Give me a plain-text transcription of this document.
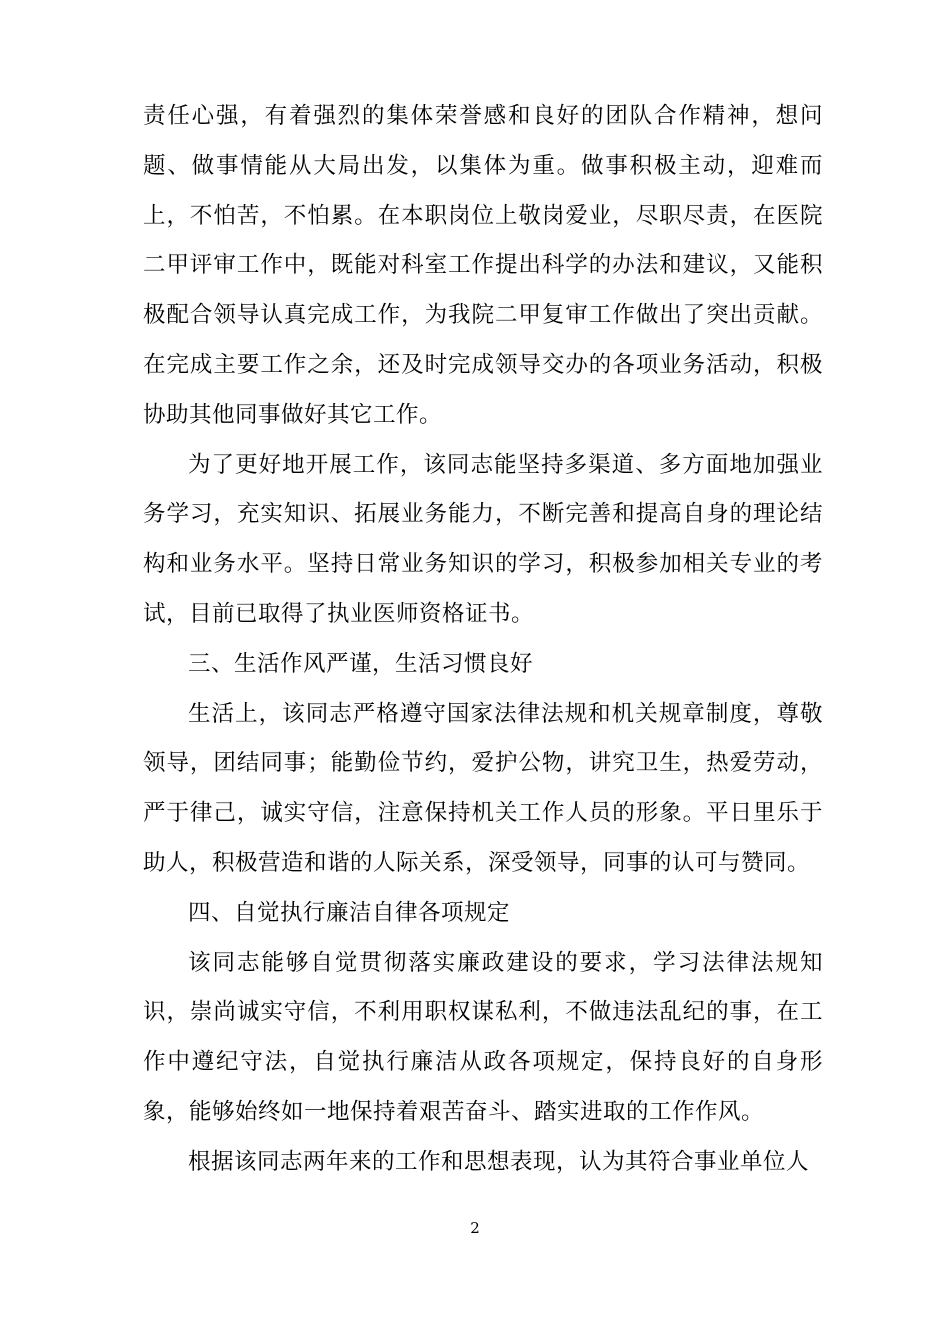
责任心强，有着强烈的集体荣誉感和良好的团队合作精神，想问题、做事情能从大局出发，以集体为重。做事积极主动，迎难而上，不怕苦，不怕累。在本职岗位上敬岗爱业，尽职尽责，在医院二甲评审工作中，既能对科室工作提出科学的办法和建议，又能积极配合领导认真完成工作，为我院二甲复审工作做出了突出贡献。在完成主要工作之余，还及时完成领导交办的各项业务活动，积极协助其他同事做好其它工作。

为了更好地开展工作，该同志能坚持多渠道、多方面地加强业务学习，充实知识、拓展业务能力，不断完善和提高自身的理论结构和业务水平。坚持日常业务知识的学习，积极参加相关专业的考试，目前已取得了执业医师资格证书。

三、生活作风严谨，生活习惯良好

生活上，该同志严格遵守国家法律法规和机关规章制度，尊敬领导，团结同事；能勤俭节约，爱护公物，讲究卫生，热爱劳动，严于律己，诚实守信，注意保持机关工作人员的形象。平日里乐于助人，积极营造和谐的人际关系，深受领导，同事的认可与赞同。

四、自觉执行廉洁自律各项规定

该同志能够自觉贯彻落实廉政建设的要求，学习法律法规知识，崇尚诚实守信，不利用职权谋私利，不做违法乱纪的事，在工作中遵纪守法，自觉执行廉洁从政各项规定，保持良好的自身形象，能够始终如一地保持着艰苦奋斗、踏实进取的工作作风。

根据该同志两年来的工作和思想表现，认为其符合事业单位人

2
